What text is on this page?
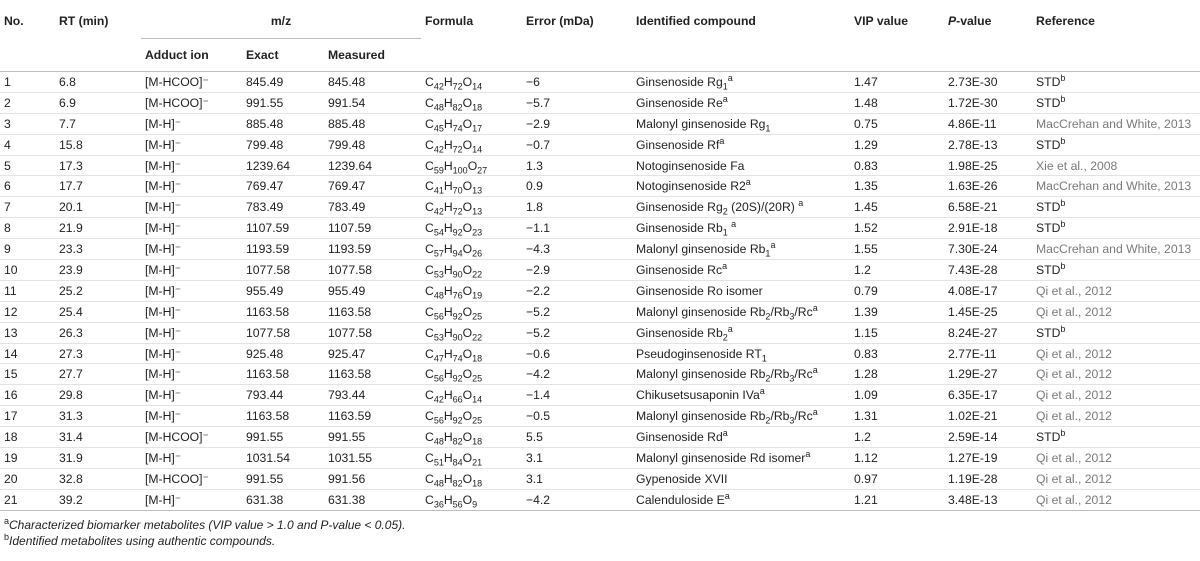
No.	RT (min)	m/z			Formula	Error (mDa)	Identified compound	VIP value	P-value	Reference
		Adduct ion	Exact	Measured						
1	6.8	[M-HCOO]⁻	845.49	845.48	$C_{42}H_{72}O_{14}$	−6	Ginsenoside $Rg_1^a$	1.47	2.73E-30	STD$^b$
2	6.9	[M-HCOO]⁻	991.55	991.54	$C_{48}H_{82}O_{18}$	−5.7	Ginsenoside Re$^a$	1.48	1.72E-30	STD$^b$
3	7.7	[M-H]⁻	885.48	885.48	$C_{45}H_{74}O_{17}$	−2.9	Malonyl ginsenoside $Rg_1$	0.75	4.86E-11	MacCrehan and White, 2013
4	15.8	[M-H]⁻	799.48	799.48	$C_{42}H_{72}O_{14}$	−0.7	Ginsenoside Rf$^a$	1.29	2.78E-13	STD$^b$
5	17.3	[M-H]⁻	1239.64	1239.64	$C_{59}H_{100}O_{27}$	1.3	Notoginsenoside Fa	0.83	1.98E-25	Xie et al., 2008
6	17.7	[M-H]⁻	769.47	769.47	$C_{41}H_{70}O_{13}$	0.9	Notoginsenoside R2$^a$	1.35	1.63E-26	MacCrehan and White, 2013
7	20.1	[M-H]⁻	783.49	783.49	$C_{42}H_{72}O_{13}$	1.8	Ginsenoside $Rg_2$ (20S)/(20R) $^a$	1.45	6.58E-21	STD$^b$
8	21.9	[M-H]⁻	1107.59	1107.59	$C_{54}H_{92}O_{23}$	−1.1	Ginsenoside $Rb_1$ $^a$	1.52	2.91E-18	STD$^b$
9	23.3	[M-H]⁻	1193.59	1193.59	$C_{57}H_{94}O_{26}$	−4.3	Malonyl ginsenoside $Rb_1^a$	1.55	7.30E-24	MacCrehan and White, 2013
10	23.9	[M-H]⁻	1077.58	1077.58	$C_{53}H_{90}O_{22}$	−2.9	Ginsenoside Rc$^a$	1.2	7.43E-28	STD$^b$
11	25.2	[M-H]⁻	955.49	955.49	$C_{48}H_{76}O_{19}$	−2.2	Ginsenoside Ro isomer	0.79	4.08E-17	Qi et al., 2012
12	25.4	[M-H]⁻	1163.58	1163.58	$C_{56}H_{92}O_{25}$	−5.2	Malonyl ginsenoside $Rb_2/Rb_3/Rc^a$	1.39	1.45E-25	Qi et al., 2012
13	26.3	[M-H]⁻	1077.58	1077.58	$C_{53}H_{90}O_{22}$	−5.2	Ginsenoside $Rb_2^a$	1.15	8.24E-27	STD$^b$
14	27.3	[M-H]⁻	925.48	925.47	$C_{47}H_{74}O_{18}$	−0.6	Pseudoginsenoside $RT_1$	0.83	2.77E-11	Qi et al., 2012
15	27.7	[M-H]⁻	1163.58	1163.58	$C_{56}H_{92}O_{25}$	−4.2	Malonyl ginsenoside $Rb_2/Rb_3/Rc^a$	1.28	1.29E-27	Qi et al., 2012
16	29.8	[M-H]⁻	793.44	793.44	$C_{42}H_{66}O_{14}$	−1.4	Chikusetsusaponin IVa$^a$	1.09	6.35E-17	Qi et al., 2012
17	31.3	[M-H]⁻	1163.58	1163.59	$C_{56}H_{92}O_{25}$	−0.5	Malonyl ginsenoside $Rb_2/Rb_3/Rc^a$	1.31	1.02E-21	Qi et al., 2012
18	31.4	[M-HCOO]⁻	991.55	991.55	$C_{48}H_{82}O_{18}$	5.5	Ginsenoside Rd$^a$	1.2	2.59E-14	STD$^b$
19	31.9	[M-H]⁻	1031.54	1031.55	$C_{51}H_{84}O_{21}$	3.1	Malonyl ginsenoside Rd isomer$^a$	1.12	1.27E-19	Qi et al., 2012
20	32.8	[M-HCOO]⁻	991.55	991.56	$C_{48}H_{82}O_{18}$	3.1	Gypenoside XVII	0.97	1.19E-28	Qi et al., 2012
21	39.2	[M-H]⁻	631.38	631.38	$C_{36}H_{56}O_9$	−4.2	Calenduloside $E^a$	1.21	3.48E-13	Qi et al., 2012
$^a$Characterized biomarker metabolites (VIP value > 1.0 and P-value < 0.05).
$^b$Identified metabolites using authentic compounds.
